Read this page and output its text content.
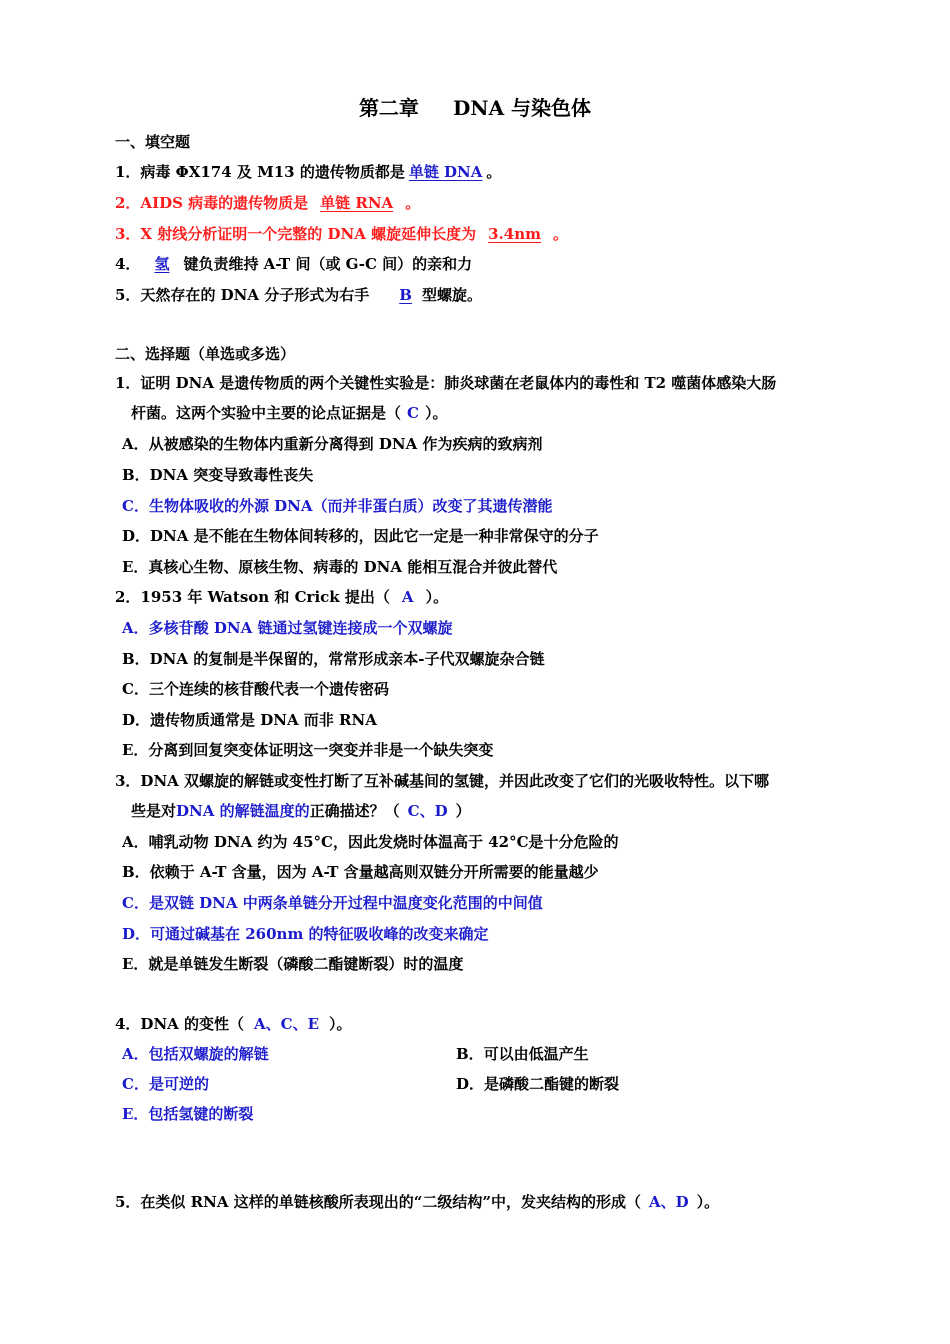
第二章 DNA 与染色体
一、填空题
1．病毒 ΦX174 及 M13 的遗传物质都是 单链 DNA 。
2．AIDS 病毒的遗传物质是 单链 RNA 。
3．X 射线分析证明一个完整的 DNA 螺旋延伸长度为 3.4nm 。
4． 氢 键负责维持 A-T 间（或 G-C 间）的亲和力
5．天然存在的 DNA 分子形式为右手 B 型螺旋。
二、选择题（单选或多选）
1．证明 DNA 是遗传物质的两个关键性实验是：肺炎球菌在老鼠体内的毒性和 T2 噬菌体感染大肠
杆菌。这两个实验中主要的论点证据是（ C ）。
A．从被感染的生物体内重新分离得到 DNA 作为疾病的致病剂
B．DNA 突变导致毒性丧失
C．生物体吸收的外源 DNA（而并非蛋白质）改变了其遗传潜能
D．DNA 是不能在生物体间转移的，因此它一定是一种非常保守的分子
E．真核心生物、原核生物、病毒的 DNA 能相互混合并彼此替代
2．1953 年 Watson 和 Crick 提出（ A ）。
A．多核苷酸 DNA 链通过氢键连接成一个双螺旋
B．DNA 的复制是半保留的，常常形成亲本-子代双螺旋杂合链
C．三个连续的核苷酸代表一个遗传密码
D．遗传物质通常是 DNA 而非 RNA
E．分离到回复突变体证明这一突变并非是一个缺失突变
3．DNA 双螺旋的解链或变性打断了互补碱基间的氢键，并因此改变了它们的光吸收特性。以下哪
些是对DNA 的解链温度的正确描述？（ C、D ）
A．哺乳动物 DNA 约为 45°C，因此发烧时体温高于 42°C是十分危险的
B．依赖于 A-T 含量，因为 A-T 含量越高则双链分开所需要的能量越少
C．是双链 DNA 中两条单链分开过程中温度变化范围的中间值
D．可通过碱基在 260nm 的特征吸收峰的改变来确定
E．就是单链发生断裂（磷酸二酯键断裂）时的温度
4．DNA 的变性（ A、C、E ）。
A．包括双螺旋的解链	B．可以由低温产生
C．是可逆的	D．是磷酸二酯键的断裂
E．包括氢键的断裂
5．在类似 RNA 这样的单链核酸所表现出的“二级结构”中，发夹结构的形成（ A、D ）。
